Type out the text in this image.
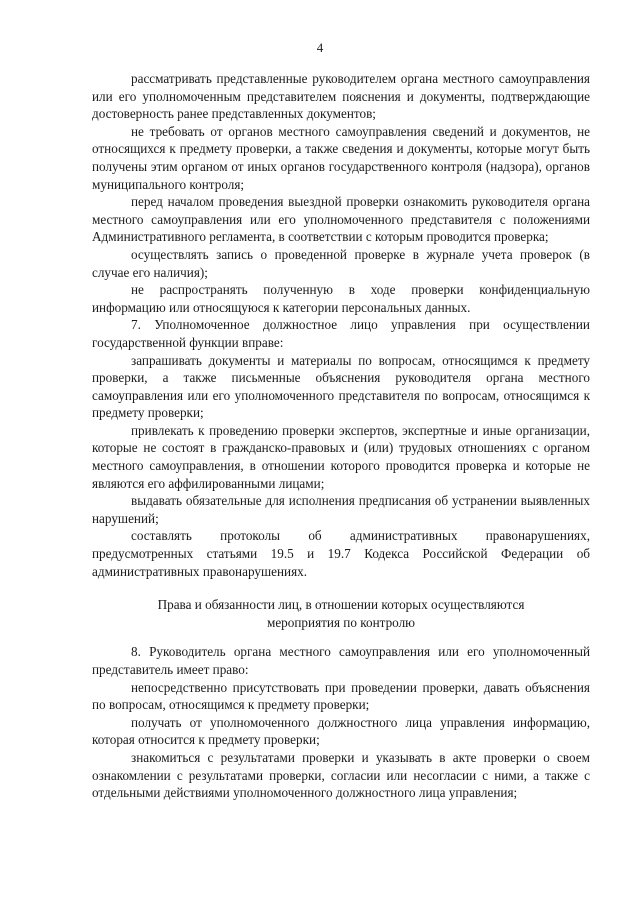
4

рассматривать представленные руководителем органа местного самоуправления или его уполномоченным представителем пояснения и документы, подтверждающие достоверность ранее представленных документов;

не требовать от органов местного самоуправления сведений и документов, не относящихся к предмету проверки, а также сведения и документы, которые могут быть получены этим органом от иных органов государственного контроля (надзора), органов муниципального контроля;

перед началом проведения выездной проверки ознакомить руководителя органа местного самоуправления или его уполномоченного представителя с положениями Административного регламента, в соответствии с которым проводится проверка;

осуществлять запись о проведенной проверке в журнале учета проверок (в случае его наличия);

не распространять полученную в ходе проверки конфиденциальную информацию или относящуюся к категории персональных данных.

7. Уполномоченное должностное лицо управления при осуществлении государственной функции вправе:

запрашивать документы и материалы по вопросам, относящимся к предмету проверки, а также письменные объяснения руководителя органа местного самоуправления или его уполномоченного представителя по вопросам, относящимся к предмету проверки;

привлекать к проведению проверки экспертов, экспертные и иные организации, которые не состоят в гражданско-правовых и (или) трудовых отношениях с органом местного самоуправления, в отношении которого проводится проверка и которые не являются его аффилированными лицами;

выдавать обязательные для исполнения предписания об устранении выявленных нарушений;

составлять протоколы об административных правонарушениях, предусмотренных статьями 19.5 и 19.7 Кодекса Российской Федерации об административных правонарушениях.

Права и обязанности лиц, в отношении которых осуществляются
мероприятия по контролю

8. Руководитель органа местного самоуправления или его уполномоченный представитель имеет право:

непосредственно присутствовать при проведении проверки, давать объяснения по вопросам, относящимся к предмету проверки;

получать от уполномоченного должностного лица управления информацию, которая относится к предмету проверки;

знакомиться с результатами проверки и указывать в акте проверки о своем ознакомлении с результатами проверки, согласии или несогласии с ними, а также с отдельными действиями уполномоченного должностного лица управления;
